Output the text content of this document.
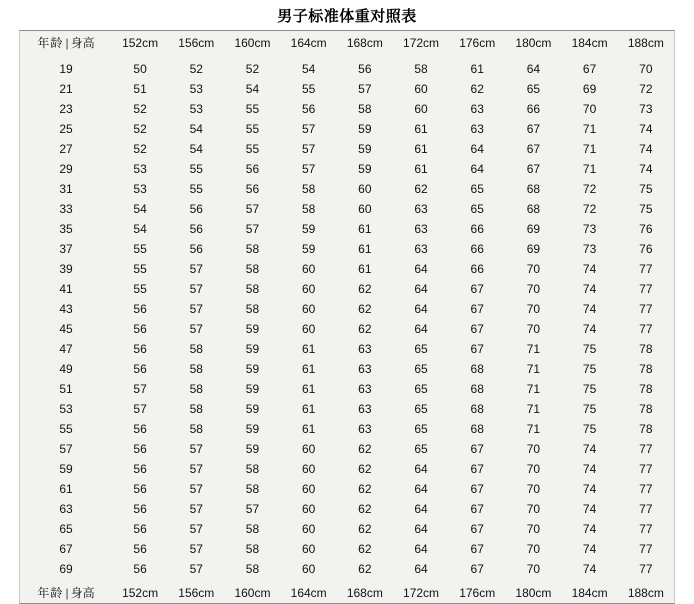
男子标准体重对照表
年龄 | 身高	152cm	156cm	160cm	164cm	168cm	172cm	176cm	180cm	184cm	188cm

19	50	52	52	54	56	58	61	64	67	70
21	51	53	54	55	57	60	62	65	69	72
23	52	53	55	56	58	60	63	66	70	73
25	52	54	55	57	59	61	63	67	71	74
27	52	54	55	57	59	61	64	67	71	74
29	53	55	56	57	59	61	64	67	71	74
31	53	55	56	58	60	62	65	68	72	75
33	54	56	57	58	60	63	65	68	72	75
35	54	56	57	59	61	63	66	69	73	76
37	55	56	58	59	61	63	66	69	73	76
39	55	57	58	60	61	64	66	70	74	77
41	55	57	58	60	62	64	67	70	74	77
43	56	57	58	60	62	64	67	70	74	77
45	56	57	59	60	62	64	67	70	74	77
47	56	58	59	61	63	65	67	71	75	78
49	56	58	59	61	63	65	68	71	75	78
51	57	58	59	61	63	65	68	71	75	78
53	57	58	59	61	63	65	68	71	75	78
55	56	58	59	61	63	65	68	71	75	78
57	56	57	59	60	62	65	67	70	74	77
59	56	57	58	60	62	64	67	70	74	77
61	56	57	58	60	62	64	67	70	74	77
63	56	57	57	60	62	64	67	70	74	77
65	56	57	58	60	62	64	67	70	74	77
67	56	57	58	60	62	64	67	70	74	77
69	56	57	58	60	62	64	67	70	74	77

年龄 | 身高	152cm	156cm	160cm	164cm	168cm	172cm	176cm	180cm	184cm	188cm
